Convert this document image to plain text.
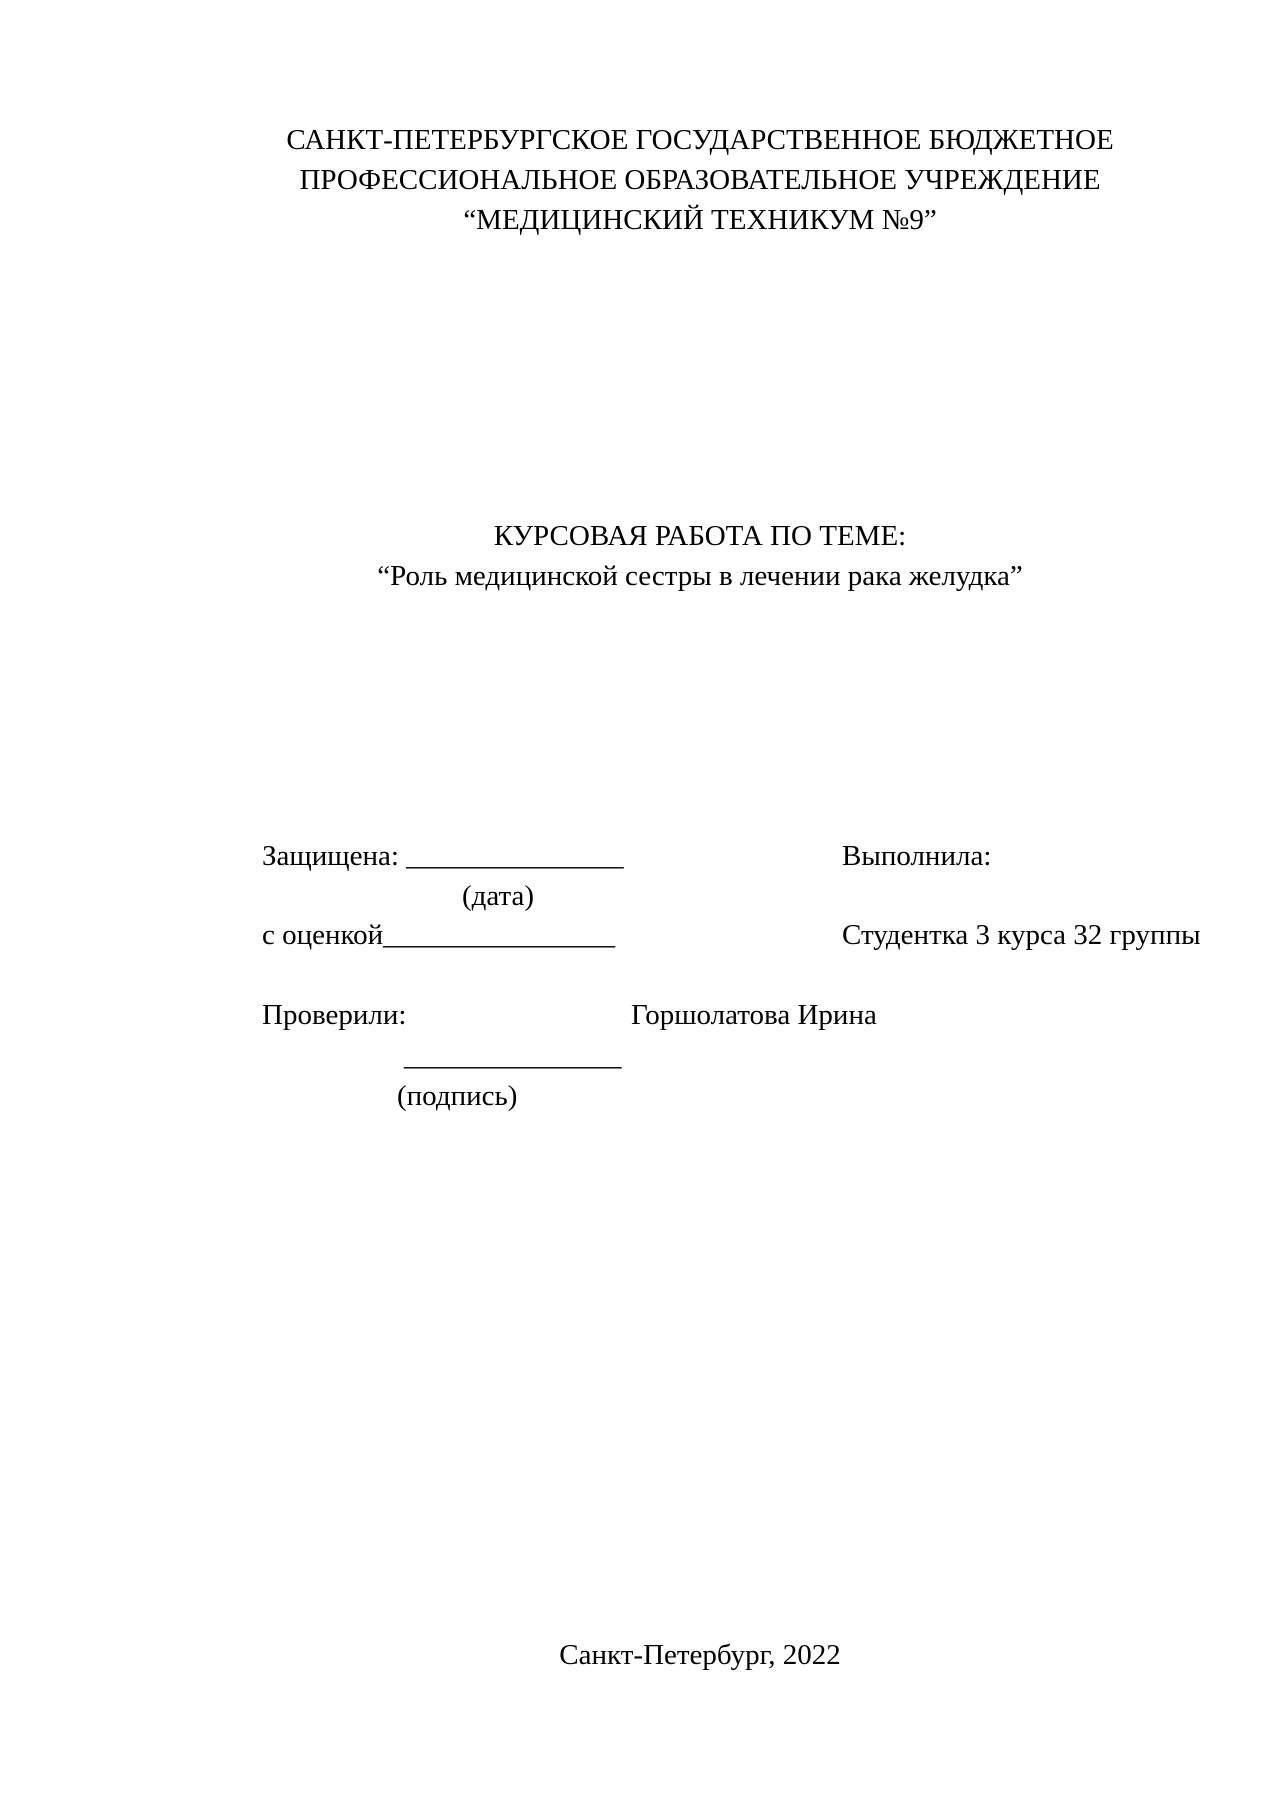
САНКТ-ПЕТЕРБУРГСКОЕ ГОСУДАРСТВЕННОЕ БЮДЖЕТНОЕ

ПРОФЕССИОНАЛЬНОЕ ОБРАЗОВАТЕЛЬНОЕ УЧРЕЖДЕНИЕ

“МЕДИЦИНСКИЙ ТЕХНИКУМ №9”

КУРСОВАЯ РАБОТА ПО ТЕМЕ:

“Роль медицинской сестры в лечении рака желудка”

Защищена: _______________

(дата)

с оценкой________________

Проверили:

_______________

(подпись)

Выполнила:

Студентка 3 курса 32 группы

Горшолатова Ирина

Санкт-Петербург, 2022
